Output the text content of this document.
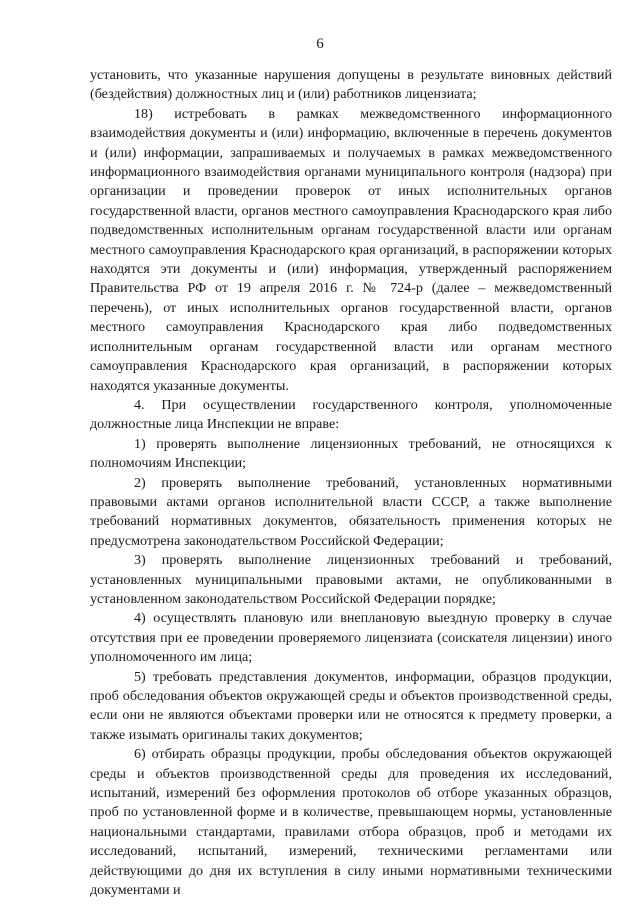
6

установить, что указанные нарушения допущены в результате виновных действий (бездействия) должностных лиц и (или) работников лицензиата;

18) истребовать в рамках межведомственного информационного взаимодействия документы и (или) информацию, включенные в перечень документов и (или) информации, запрашиваемых и получаемых в рамках межведомственного информационного взаимодействия органами муниципального контроля (надзора) при организации и проведении проверок от иных исполнительных органов государственной власти, органов местного самоуправления Краснодарского края либо подведомственных исполнительным органам государственной власти или органам местного самоуправления Краснодарского края организаций, в распоряжении которых находятся эти документы и (или) информация, утвержденный распоряжением Правительства РФ от 19 апреля 2016 г. № 724-р (далее – межведомственный перечень), от иных исполнительных органов государственной власти, органов местного самоуправления Краснодарского края либо подведомственных исполнительным органам государственной власти или органам местного самоуправления Краснодарского края организаций, в распоряжении которых находятся указанные документы.

4. При осуществлении государственного контроля, уполномоченные должностные лица Инспекции не вправе:

1) проверять выполнение лицензионных требований, не относящихся к полномочиям Инспекции;

2) проверять выполнение требований, установленных нормативными правовыми актами органов исполнительной власти СССР, а также выполнение требований нормативных документов, обязательность применения которых не предусмотрена законодательством Российской Федерации;

3) проверять выполнение лицензионных требований и требований, установленных муниципальными правовыми актами, не опубликованными в установленном законодательством Российской Федерации порядке;

4) осуществлять плановую или внеплановую выездную проверку в случае отсутствия при ее проведении проверяемого лицензиата (соискателя лицензии) иного уполномоченного им лица;

5) требовать представления документов, информации, образцов продукции, проб обследования объектов окружающей среды и объектов производственной среды, если они не являются объектами проверки или не относятся к предмету проверки, а также изымать оригиналы таких документов;

6) отбирать образцы продукции, пробы обследования объектов окружающей среды и объектов производственной среды для проведения их исследований, испытаний, измерений без оформления протоколов об отборе указанных образцов, проб по установленной форме и в количестве, превышающем нормы, установленные национальными стандартами, правилами отбора образцов, проб и методами их исследований, испытаний, измерений, техническими регламентами или действующими до дня их вступления в силу иными нормативными техническими документами и
